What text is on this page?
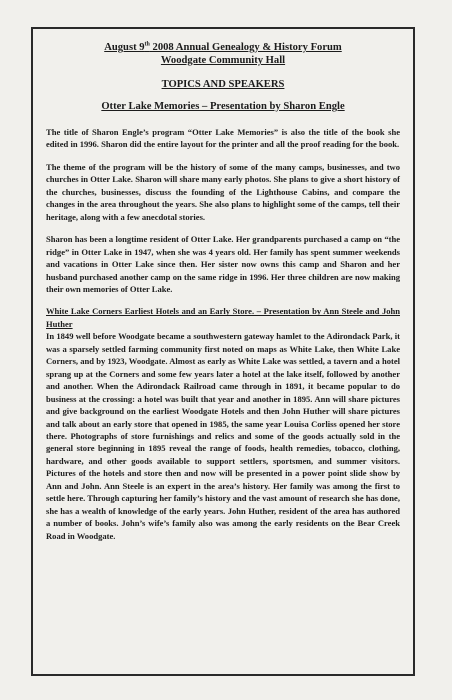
August 9th 2008 Annual Genealogy & History Forum
Woodgate Community Hall
TOPICS AND SPEAKERS
Otter Lake Memories – Presentation by Sharon Engle

The title of Sharon Engle’s program “Otter Lake Memories” is also the title of the book she edited in 1996. Sharon did the entire layout for the printer and all the proof reading for the book.

The theme of the program will be the history of some of the many camps, businesses, and two churches in Otter Lake. Sharon will share many early photos. She plans to give a short history of the churches, businesses, discuss the founding of the Lighthouse Cabins, and compare the changes in the area throughout the years. She also plans to highlight some of the camps, tell their heritage, along with a few anecdotal stories.

Sharon has been a longtime resident of Otter Lake. Her grandparents purchased a camp on “the ridge” in Otter Lake in 1947, when she was 4 years old. Her family has spent summer weekends and vacations in Otter Lake since then. Her sister now owns this camp and Sharon and her husband purchased another camp on the same ridge in 1996. Her three children are now making their own memories of Otter Lake.

White Lake Corners Earliest Hotels and an Early Store. – Presentation by Ann Steele and John Huther

In 1849 well before Woodgate became a southwestern gateway hamlet to the Adirondack Park, it was a sparsely settled farming community first noted on maps as White Lake, then White Lake Corners, and by 1923, Woodgate. Almost as early as White Lake was settled, a tavern and a hotel sprang up at the Corners and some few years later a hotel at the lake itself, followed by another and another. When the Adirondack Railroad came through in 1891, it became popular to do business at the crossing: a hotel was built that year and another in 1895. Ann will share pictures and give background on the earliest Woodgate Hotels and then John Huther will share pictures and talk about an early store that opened in 1985, the same year Louisa Corliss opened her store there. Photographs of store furnishings and relics and some of the goods actually sold in the general store beginning in 1895 reveal the range of foods, health remedies, tobacco, clothing, hardware, and other goods available to support settlers, sportsmen, and summer visitors. Pictures of the hotels and store then and now will be presented in a power point slide show by Ann and John. Ann Steele is an expert in the area’s history. Her family was among the first to settle here. Through capturing her family’s history and the vast amount of research she has done, she has a wealth of knowledge of the early years. John Huther, resident of the area has authored a number of books. John’s wife’s family also was among the early residents on the Bear Creek Road in Woodgate.
